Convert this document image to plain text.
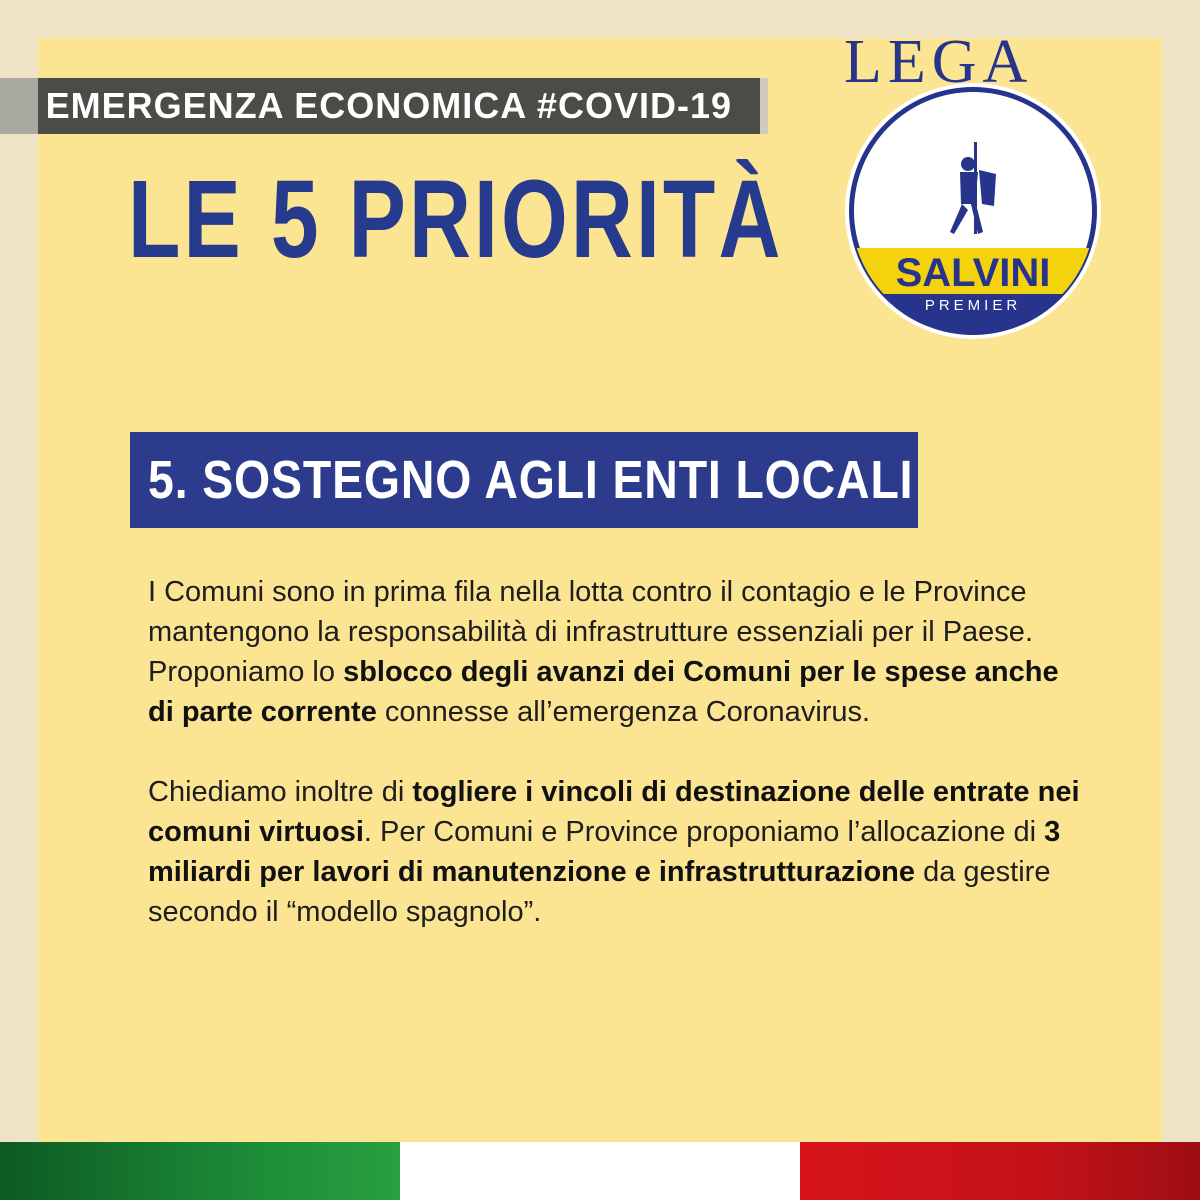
EMERGENZA ECONOMICA #COVID-19
LE 5 PRIORITÀ
LEGA
SALVINI
PREMIER
5. SOSTEGNO AGLI ENTI LOCALI

I Comuni sono in prima fila nella lotta contro il contagio e le Province mantengono la responsabilità di infrastrutture essenziali per il Paese.

Proponiamo lo sblocco degli avanzi dei Comuni per le spese anche di parte corrente connesse all’emergenza Coronavirus.

Chiediamo inoltre di togliere i vincoli di destinazione delle entrate nei comuni virtuosi. Per Comuni e Province proponiamo l’allocazione di 3 miliardi per lavori di manutenzione e infrastrutturazione da gestire secondo il “modello spagnolo”.
